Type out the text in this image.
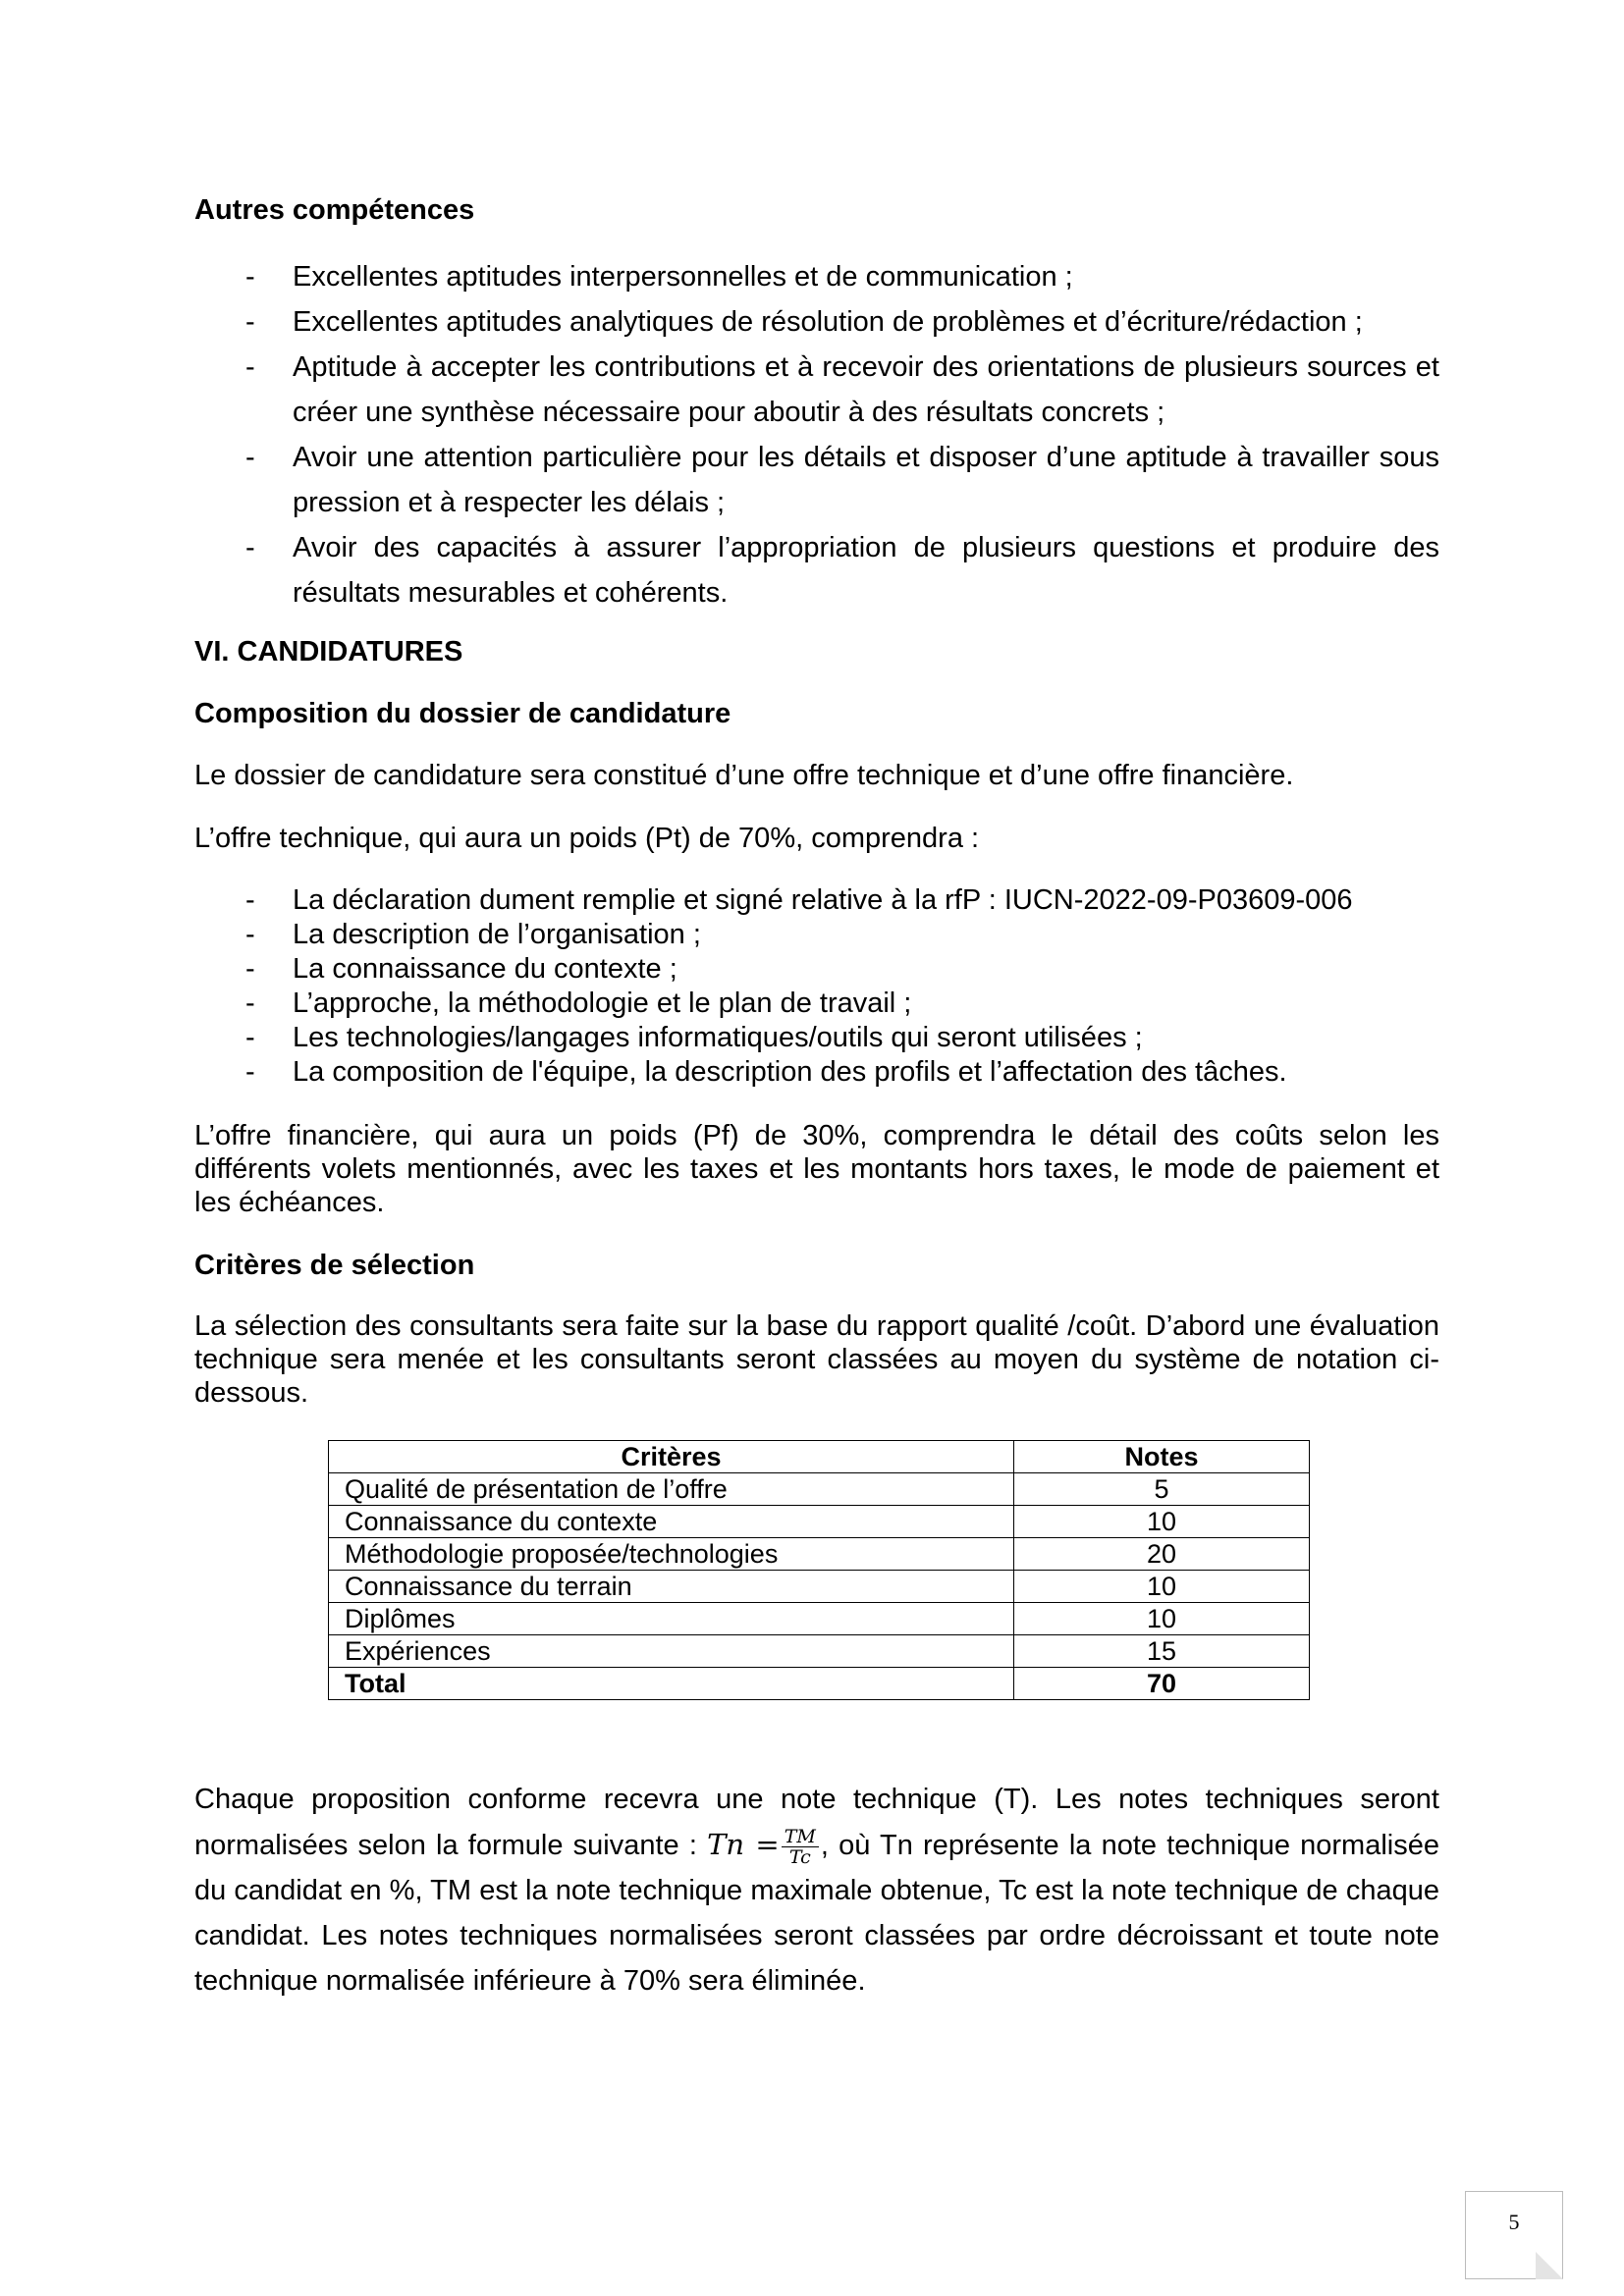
Autres compétences
- Excellentes aptitudes interpersonnelles et de communication ;
- Excellentes aptitudes analytiques de résolution de problèmes et d’écriture/rédaction ;
- Aptitude à accepter les contributions et à recevoir des orientations de plusieurs sources et créer une synthèse nécessaire pour aboutir à des résultats concrets ;
- Avoir une attention particulière pour les détails et disposer d’une aptitude à travailler sous pression et à respecter les délais ;
- Avoir des capacités à assurer l’appropriation de plusieurs questions et produire des résultats mesurables et cohérents.
VI. CANDIDATURES
Composition du dossier de candidature
Le dossier de candidature sera constitué d’une offre technique et d’une offre financière.
L’offre technique, qui aura un poids (Pt) de 70%, comprendra :
- La déclaration dument remplie et signé relative à la rfP : IUCN-2022-09-P03609-006
- La description de l’organisation ;
- La connaissance du contexte ;
- L’approche, la méthodologie et le plan de travail ;
- Les technologies/langages informatiques/outils qui seront utilisées ;
- La composition de l'équipe, la description des profils et l’affectation des tâches.
L’offre financière, qui aura un poids (Pf) de 30%, comprendra le détail des coûts selon les différents volets mentionnés, avec les taxes et les montants hors taxes, le mode de paiement et les échéances.
Critères de sélection
La sélection des consultants sera faite sur la base du rapport qualité /coût. D’abord une évaluation technique sera menée et les consultants seront classées au moyen du système de notation ci-dessous.
Critères	Notes
Qualité de présentation de l’offre	5
Connaissance du contexte	10
Méthodologie proposée/technologies	20
Connaissance du terrain	10
Diplômes	10
Expériences	15
Total	70
Chaque proposition conforme recevra une note technique (T). Les notes techniques seront normalisées selon la formule suivante : $Tn = \frac{TM}{Tc}$ , où Tn représente la note technique normalisée du candidat en %, TM est la note technique maximale obtenue, Tc est la note technique de chaque candidat. Les notes techniques normalisées seront classées par ordre décroissant et toute note technique normalisée inférieure à 70% sera éliminée.
5
